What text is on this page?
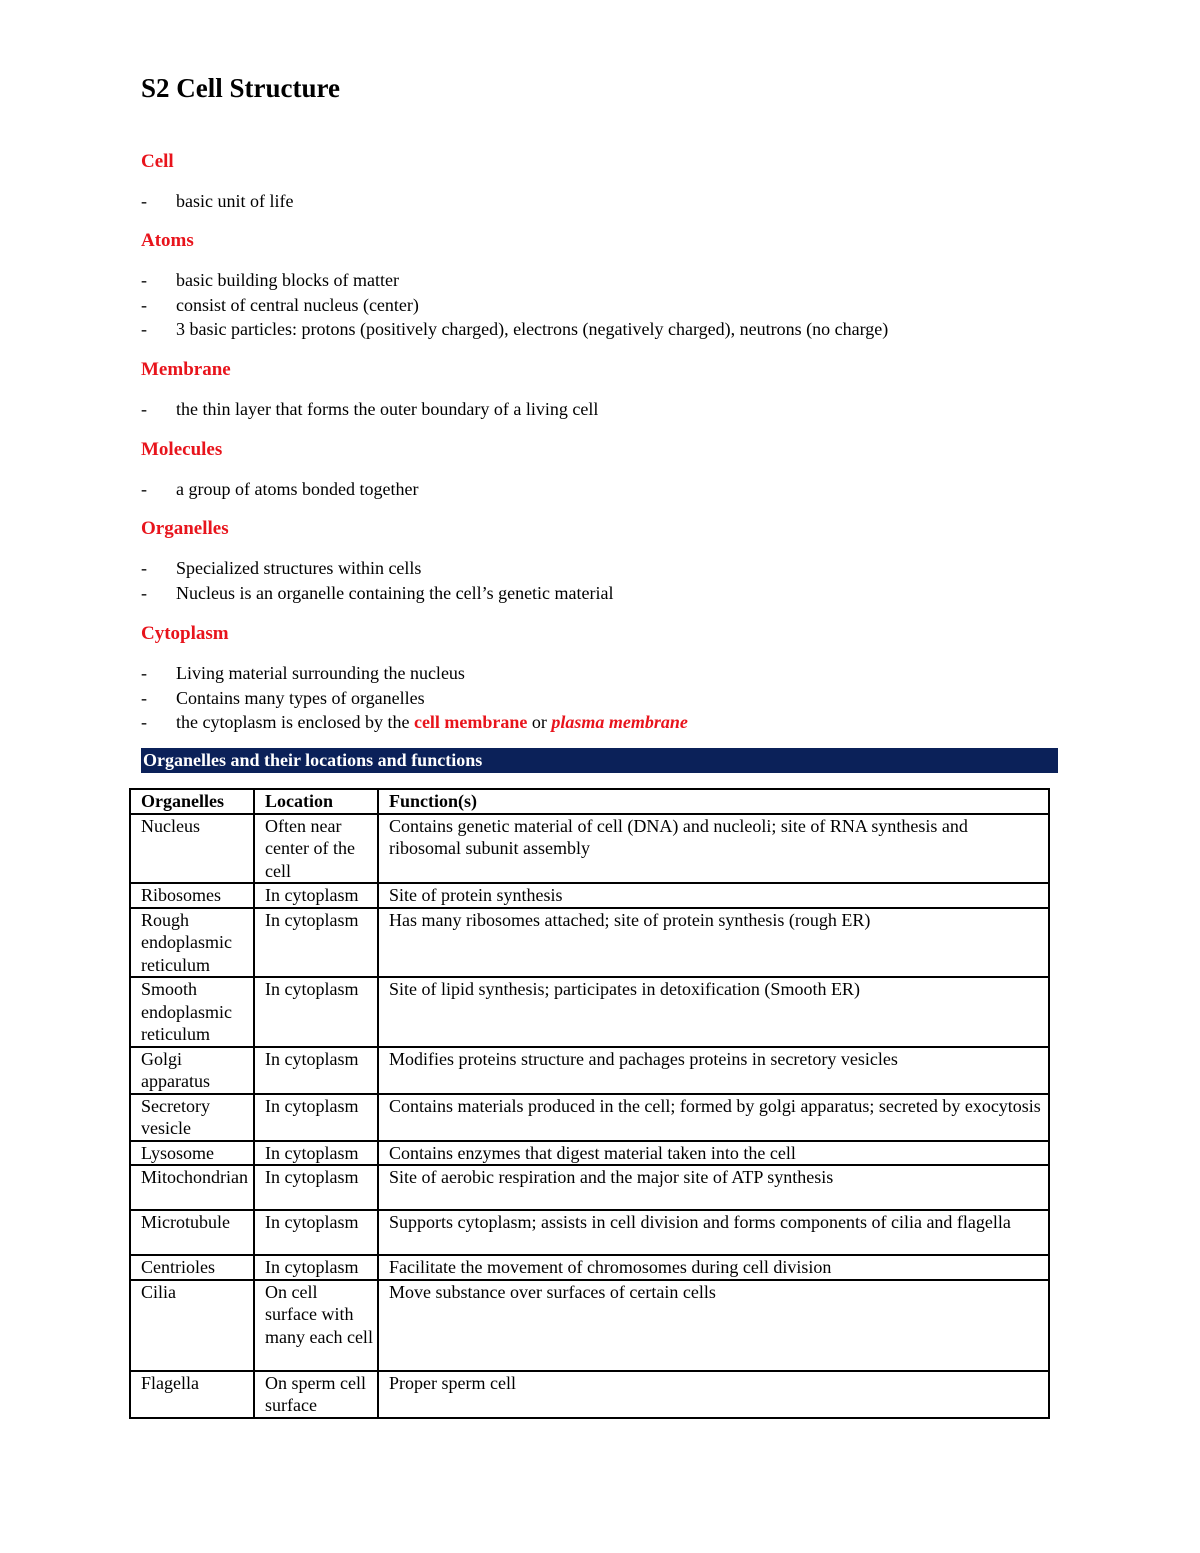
S2 Cell Structure
Cell
- basic unit of life
Atoms
- basic building blocks of matter
- consist of central nucleus (center)
- 3 basic particles: protons (positively charged), electrons (negatively charged), neutrons (no charge)
Membrane
- the thin layer that forms the outer boundary of a living cell
Molecules
- a group of atoms bonded together
Organelles
- Specialized structures within cells
- Nucleus is an organelle containing the cell’s genetic material
Cytoplasm
- Living material surrounding the nucleus
- Contains many types of organelles
- the cytoplasm is enclosed by the cell membrane or plasma membrane
Organelles and their locations and functions
Organelles	Location	Function(s)
Nucleus	Often near center of the cell	Contains genetic material of cell (DNA) and nucleoli; site of RNA synthesis and ribosomal subunit assembly
Ribosomes	In cytoplasm	Site of protein synthesis
Rough endoplasmic reticulum	In cytoplasm	Has many ribosomes attached; site of protein synthesis (rough ER)
Smooth endoplasmic reticulum	In cytoplasm	Site of lipid synthesis; participates in detoxification (Smooth ER)
Golgi apparatus	In cytoplasm	Modifies proteins structure and pachages proteins in secretory vesicles
Secretory vesicle	In cytoplasm	Contains materials produced in the cell; formed by golgi apparatus; secreted by exocytosis
Lysosome	In cytoplasm	Contains enzymes that digest material taken into the cell
Mitochondrian	In cytoplasm	Site of aerobic respiration and the major site of ATP synthesis
Microtubule	In cytoplasm	Supports cytoplasm; assists in cell division and forms components of cilia and flagella
Centrioles	In cytoplasm	Facilitate the movement of chromosomes during cell division
Cilia	On cell surface with many each cell	Move substance over surfaces of certain cells
Flagella	On sperm cell surface	Proper sperm cell
